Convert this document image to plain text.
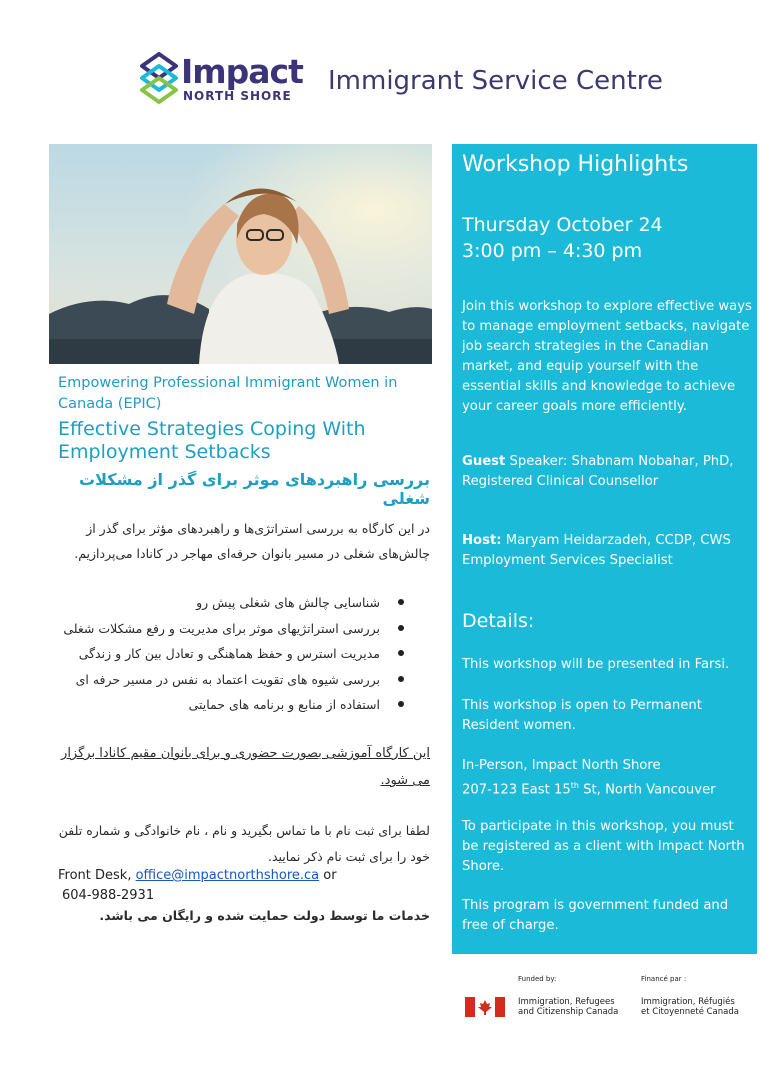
Impact
NORTH SHORE Immigrant Service Centre
Empowering Professional Immigrant Women in Canada (EPIC)
Effective Strategies Coping With Employment Setbacks
بررسی راهبردهای موثر برای گذر از مشکلات شغلی
در این کارگاه به بررسی استراتژی‌ها و راهبردهای مؤثر برای گذر از چالش‌های شغلی در مسیر بانوان حرفه‌ای مهاجر در کانادا می‌پردازیم.
شناسایی چالش های شغلی پیش رو
بررسی استراتژیهای موثر برای مدیریت و رفع مشکلات شغلی
مدیریت استرس و حفظ هماهنگی و تعادل بین کار و زندگی
بررسی شیوه های تقویت اعتماد به نفس در مسیر حرفه ای
استفاده از منابع و برنامه های حمایتی
این کارگاه آموزشی بصورت حضوری و برای بانوان مقیم کانادا برگزار می شود.
لطفا برای ثبت نام با ما تماس بگیرید و نام ، نام خانوادگی و شماره تلفن خود را برای ثبت نام ذکر نمایید.
Front Desk, office@impactnorthshore.ca or
604-988-2931
خدمات ما توسط دولت حمایت شده و رایگان می باشد.
Workshop Highlights
Thursday October 24
3:00 pm – 4:30 pm
Join this workshop to explore effective ways to manage employment setbacks, navigate job search strategies in the Canadian market, and equip yourself with the essential skills and knowledge to achieve your career goals more efficiently.
Guest Speaker: Shabnam Nobahar, PhD,
Registered Clinical Counsellor
Host: Maryam Heidarzadeh, CCDP, CWS
Employment Services Specialist
Details:
This workshop will be presented in Farsi.
This workshop is open to Permanent Resident women.
In-Person, Impact North Shore
207-123 East 15th St, North Vancouver
To participate in this workshop, you must be registered as a client with Impact North Shore.
This program is government funded and free of charge.
Funded by:	Financé par :
Immigration, Refugees
and Citizenship Canada
Immigration, Réfugiés
et Citoyenneté Canada
